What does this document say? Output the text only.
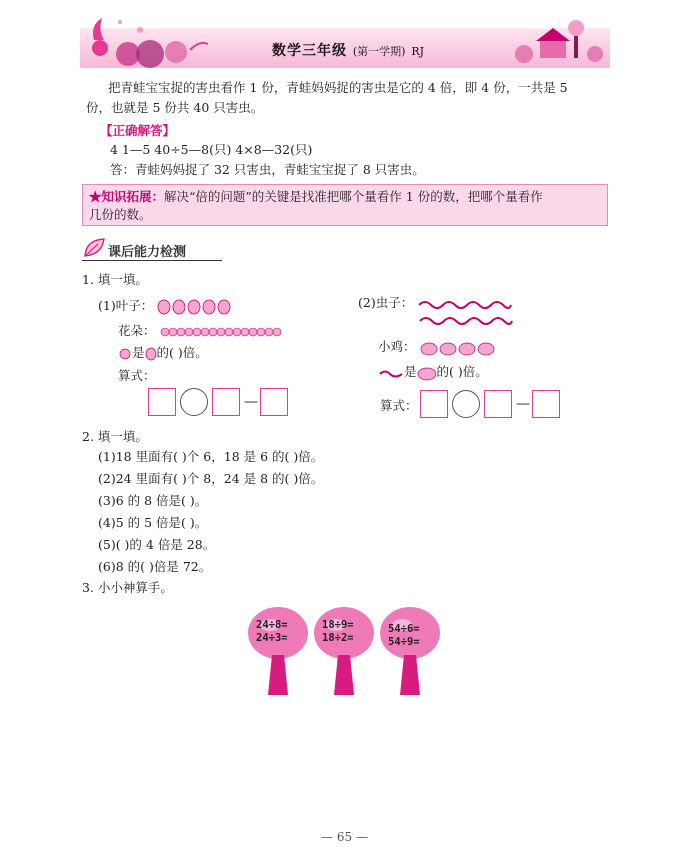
数学三年级 (第一学期) RJ
把青蛙宝宝捉的害虫看作 1 份，青蛙妈妈捉的害虫是它的 4 倍，即 4 份，一共是 5
份，也就是 5 份共 40 只害虫。
【正确解答】
4 1—5 40÷5—8(只) 4×8—32(只)
答：青蛙妈妈捉了 32 只害虫，青蛙宝宝捉了 8 只害虫。
★知识拓展：解决“倍的问题”的关键是找准把哪个量看作 1 份的数，把哪个量看作
几份的数。
课后能力检测
1. 填一填。
(1)叶子：
花朵：
是 的( )倍。
算式：
—
(2)虫子：
小鸡：
是 的( )倍。
算式：	—
2. 填一填。
(1)18 里面有( )个 6，18 是 6 的( )倍。
(2)24 里面有( )个 8，24 是 8 的( )倍。
(3)6 的 8 倍是( )。
(4)5 的 5 倍是( )。
(5)( )的 4 倍是 28。
(6)8 的( )倍是 72。
3. 小小神算手。
24÷8=
24÷3=
18÷9=
18÷2=
54÷6=
54÷9=
— 65 —
